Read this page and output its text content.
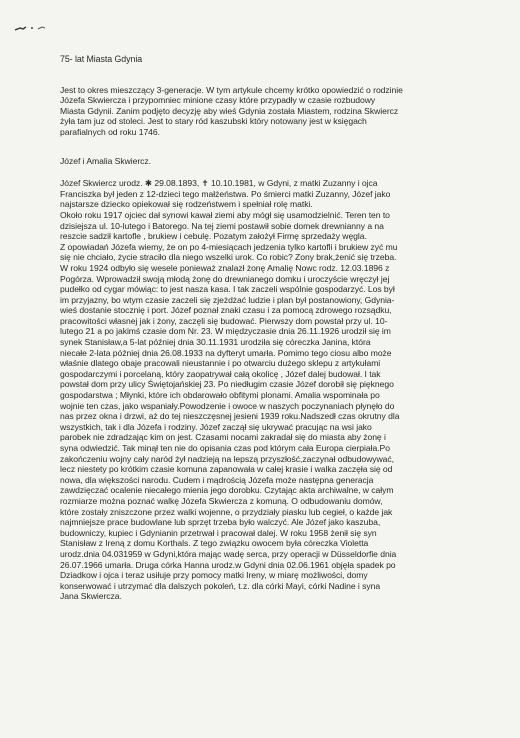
75- lat Miasta Gdynia

Jest to okres mieszczący 3-generacje. W tym artykule chcemy krótko opowiedzić o rodzinie
Józefa Skwiercza i przypomniec minione czasy które przypadły w czasie rozbudowy
Miasta Gdynii. Zanim podjęto decyzję aby wieś Gdynia została Miastem, rodzina Skwiercz
żyła tam juz od stoleci. Jest to stary ród kaszubski który notowany jest w księgach
parafialnych od roku 1746.

Józef i Amalia Skwiercz.

Józef Skwiercz urodz. ✱ 29.08.1893, ✝ 10.10.1981, w Gdyni, z matki Zuzanny i ojca
Franciszka był jeden z 12-dzieci tego małżeństwa. Po śmierci matki Zuzanny, Józef jako
najstarsze dziecko opiekował się rodzeństwem i spełniał rolę matki.
Około roku 1917 ojciec dał synowi kawał ziemi aby mógł się usamodzielnić. Teren ten to
dzisiejsza ul. 10-lutego i Batorego. Na tej ziemi postawił sobie domek drewnianny a na
reszcie sadził kartofle , brukiew i cebulę. Pozatym założył Firmę sprzedaży węgla.
Z opowiadań Józefa wiemy, że on po 4-miesiącach jedzenia tylko kartofli i brukiew zyć mu
się nie chciało, życie straciło dla niego wszelki urok. Co robic? Zony brak,żenić się trzeba.
W roku 1924 odbyło się wesele ponieważ znalazł żonę Amalię Nowc rodz. 12.03.1896 z
Pogórza. Wprowadził swoją młodą żonę do drewnianego domku i uroczyście wręczył jej
pudełko od cygar mówiąc: to jest nasza kasa. I tak zaczeli wspólnie gospodarzyć. Los był
im przyjazny, bo wtym czasie zaczeli się zjeżdżać ludzie i plan był postanowiony, Gdynia-
wieś dostanie stocznię i port. Józef poznał znaki czasu i za pomocą zdrowego rozsądku,
pracowitości własnej jak i żony, zaczęli się budować. Pierwszy dom powstał przy ul. 10-
lutego 21 a po jakimś czasie dom Nr. 23. W międzyczasie dnia 26.11.1926 urodził się im
synek Stanisław,a 5-lat później dnia 30.11.1931 urodziła się córeczka Janina, która
niecałe 2-lata później dnia 26.08.1933 na dyfteryt umarła. Pomimo tego ciosu albo może
właśnie dlatego obaje pracowali nieustannie i po otwarciu dużego sklepu z artykułami
gospodarczymi i porcelaną, który zaopatrywał całą okolicę , Józef dalej budował. I tak
powstał dom przy ulicy Świętojańskiej 23. Po niedługim czasie Józef dorobił się pięknego
gospodarstwa ; Młynki, które ich obdarowało obfitymi plonami. Amalia wspominała po
wojnie ten czas, jako wspaniały.Powodzenie i owoce w naszych poczynaniach płynęło do
nas przez okna i drzwi, aż do tej nieszczęsnej jesieni 1939 roku.Nadszedł czas okrutny dla
wszystkich, tak i dla Józefa i rodziny. Józef zaczął się ukrywać pracując na wsi jako
parobek nie zdradzając kim on jest. Czasami nocami zakradał się do miasta aby żonę i
syna odwiedzić. Tak minął ten nie do opisania czas pod którym cała Europa cierpiała.Po
zakończeniu wojny cały naród żył nadzieją na lepszą przyszłość,zaczynał odbudowywać,
lecz niestety po krótkim czasie komuna zapanowała w całej krasie i walka zaczęła się od
nowa, dla większości narodu. Cudem i mądrością Józefa może następna generacja
zawdzięczać ocalenie niecałego mienia jego dorobku. Czytając akta archiwalne, w całym
rozmiarze można poznać walkę Józefa Skwiercza z komuną. O odbudowaniu domów,
które zostały zniszczone przez walki wojenne, o przydziały piasku lub cegieł, o każde jak
najmniejsze prace budowlane lub sprzęt trzeba było walczyć. Ale Józef jako kaszuba,
budowniczy, kupiec i Gdynianin przetrwał i pracował dalej. W roku 1958 żenił się syn
Stanisław z Ireną z domu Korthals. Z tego związku owocem była córeczka Violetta
urodz.dnia 04.031959 w Gdyni,która mając wadę serca, przy operacji w Düsseldorfie dnia
26.07.1966 umarła. Druga córka Hanna urodz.w Gdyni dnia 02.06.1961 objęła spadek po
Dziadkow i ojca i teraz usiłuje przy pomocy matki Ireny, w miarę możliwości, domy
konserwować i utrzymać dla dalszych pokoleń, t.z. dla córki Mayi, córki Nadine i syna
Jana Skwiercza.
